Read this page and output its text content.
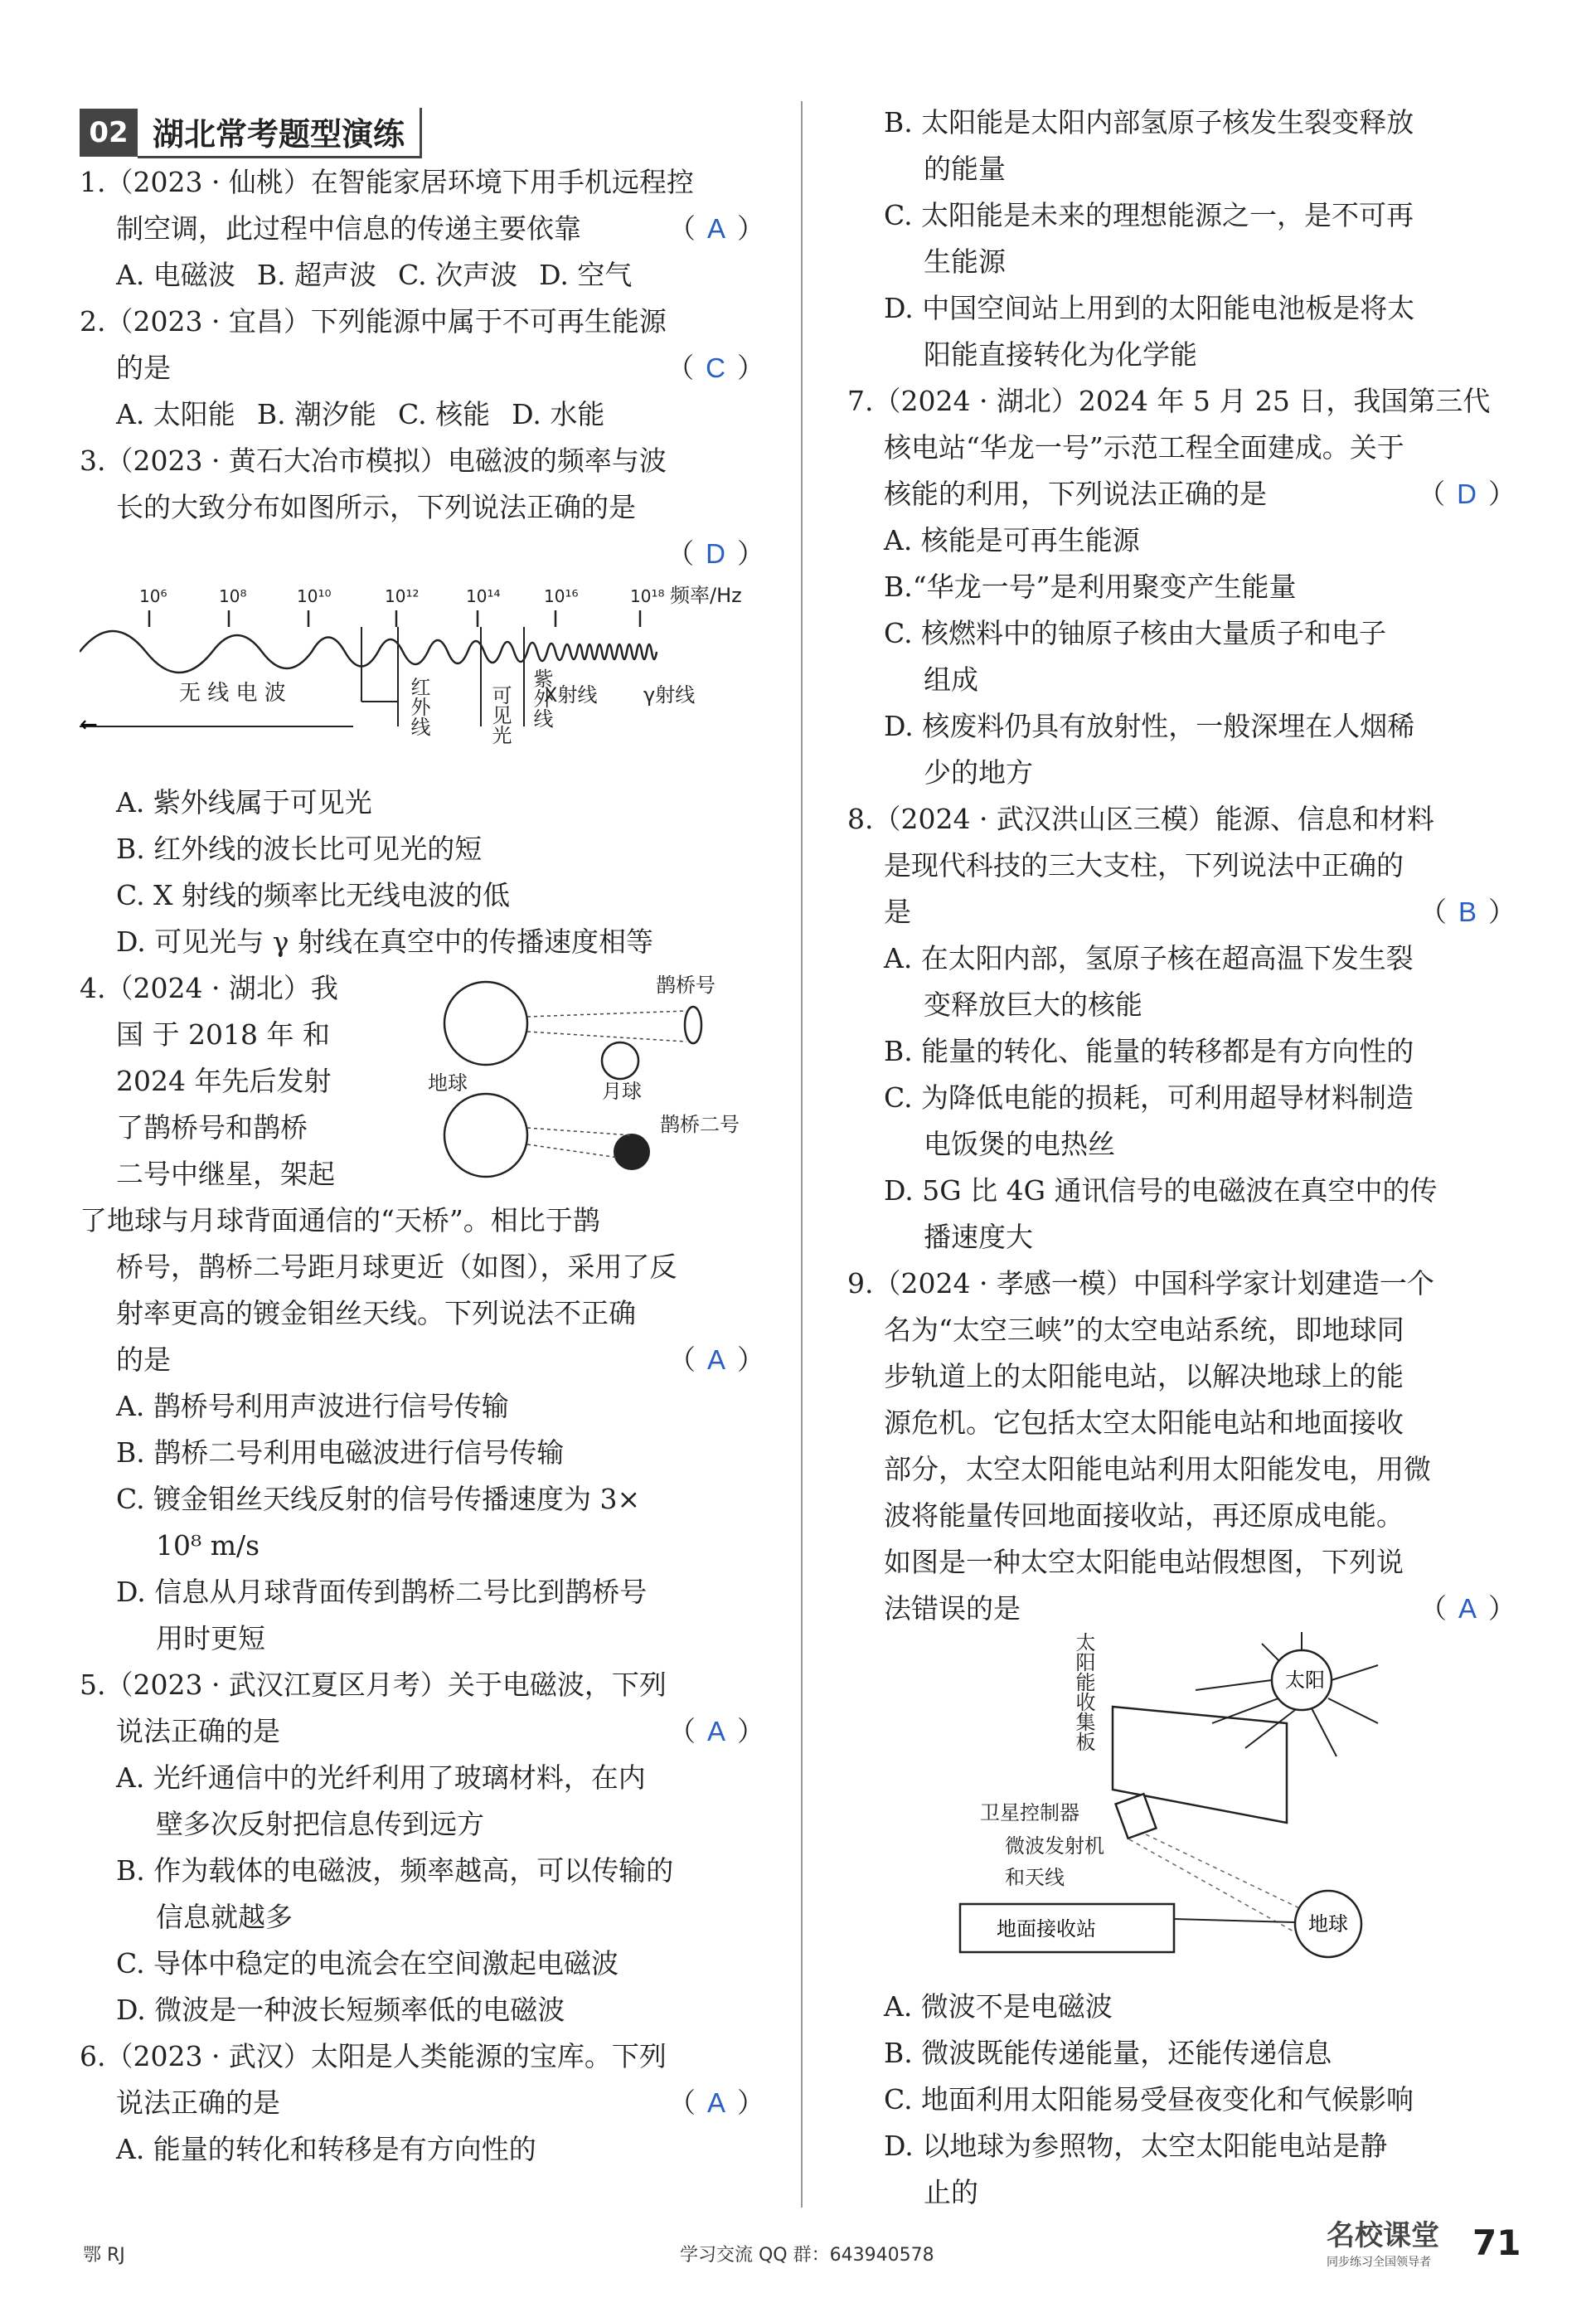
02 湖北常考题型演练
1.（2023 · 仙桃）在智能家居环境下用手机远程控
制空调，此过程中信息的传递主要依靠	（ A ）
A. 电磁波 B. 超声波 C. 次声波 D. 空气
2.（2023 · 宜昌）下列能源中属于不可再生能源
的是	（ C ）
A. 太阳能 B. 潮汐能 C. 核能 D. 水能
3.（2023 · 黄石大冶市模拟）电磁波的频率与波
长的大致分布如图所示，下列说法正确的是
（ D ）
10⁶	10⁸	10¹⁰	10¹²	10¹⁴	10¹⁶	10¹⁸ 频率/Hz
←
无 线 电 波	X射线 γ射线
红外线	可见光 紫外线
A. 紫外线属于可见光
B. 红外线的波长比可见光的短
C. X 射线的频率比无线电波的低
D. 可见光与 γ 射线在真空中的传播速度相等
4.（2024 · 湖北）我
国 于 2018 年 和
2024 年先后发射
了鹊桥号和鹊桥
二号中继星，架起
鹊桥号
月球
地球
鹊桥二号
了地球与月球背面通信的“天桥”。相比于鹊
桥号，鹊桥二号距月球更近（如图），采用了反
射率更高的镀金钼丝天线。下列说法不正确
的是	（ A ）
A. 鹊桥号利用声波进行信号传输
B. 鹊桥二号利用电磁波进行信号传输
C. 镀金钼丝天线反射的信号传播速度为 3×
10⁸ m/s
D. 信息从月球背面传到鹊桥二号比到鹊桥号
用时更短
5.（2023 · 武汉江夏区月考）关于电磁波，下列
说法正确的是	（ A ）
A. 光纤通信中的光纤利用了玻璃材料，在内
壁多次反射把信息传到远方
B. 作为载体的电磁波，频率越高，可以传输的
信息就越多
C. 导体中稳定的电流会在空间激起电磁波
D. 微波是一种波长短频率低的电磁波
6.（2023 · 武汉）太阳是人类能源的宝库。下列
说法正确的是	（ A ）
A. 能量的转化和转移是有方向性的
B. 太阳能是太阳内部氢原子核发生裂变释放
的能量
C. 太阳能是未来的理想能源之一，是不可再
生能源
D. 中国空间站上用到的太阳能电池板是将太
阳能直接转化为化学能
7.（2024 · 湖北）2024 年 5 月 25 日，我国第三代
核电站“华龙一号”示范工程全面建成。关于
核能的利用，下列说法正确的是	（ D ）
A. 核能是可再生能源
B.“华龙一号”是利用聚变产生能量
C. 核燃料中的铀原子核由大量质子和电子
组成
D. 核废料仍具有放射性，一般深埋在人烟稀
少的地方
8.（2024 · 武汉洪山区三模）能源、信息和材料
是现代科技的三大支柱，下列说法中正确的
是	（ B ）
A. 在太阳内部，氢原子核在超高温下发生裂
变释放巨大的核能
B. 能量的转化、能量的转移都是有方向性的
C. 为降低电能的损耗，可利用超导材料制造
电饭煲的电热丝
D. 5G 比 4G 通讯信号的电磁波在真空中的传
播速度大
9.（2024 · 孝感一模）中国科学家计划建造一个
名为“太空三峡”的太空电站系统，即地球同
步轨道上的太阳能电站，以解决地球上的能
源危机。它包括太空太阳能电站和地面接收
部分，太空太阳能电站利用太阳能发电，用微
波将能量传回地面接收站，再还原成电能。
如图是一种太空太阳能电站假想图，下列说
法错误的是	（ A ）
太阳能收集板	太阳
地球
卫星控制器
微波发射机
和天线
地面接收站
A. 微波不是电磁波
B. 微波既能传递能量，还能传递信息
C. 地面利用太阳能易受昼夜变化和气候影响
D. 以地球为参照物，太空太阳能电站是静
止的
鄂 RJ	学习交流 QQ 群：643940578
名校课堂
同步练习全国领导者 71
